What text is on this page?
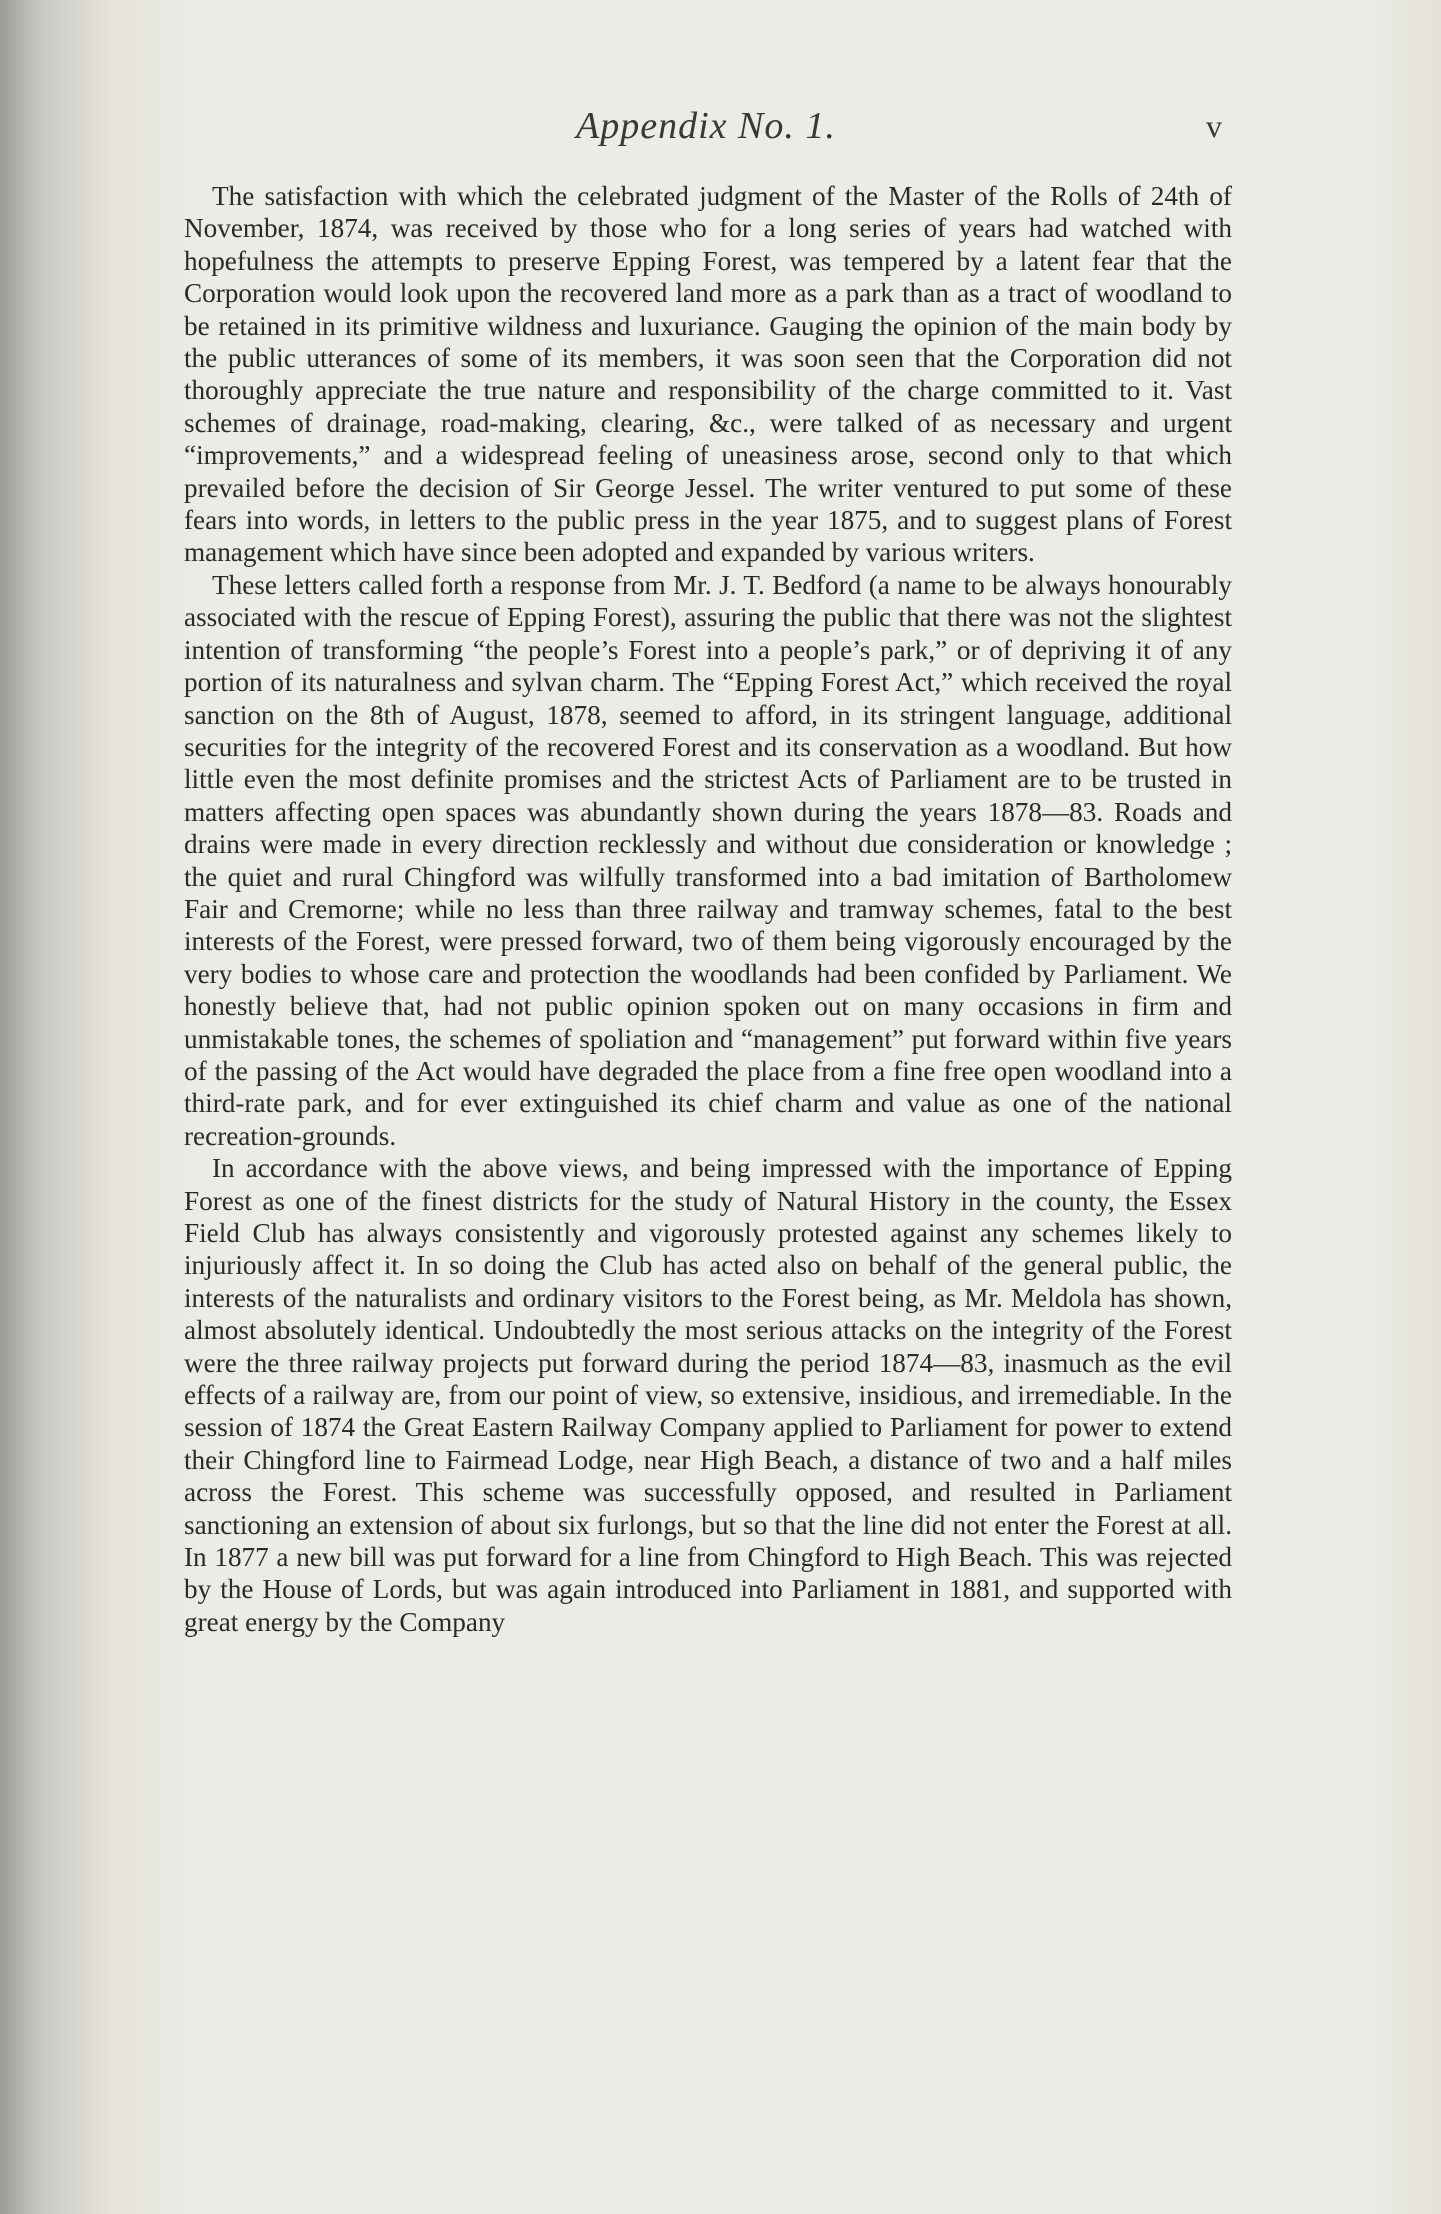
Appendix No. 1.	v

The satisfaction with which the celebrated judgment of the Master of the Rolls of 24th of November, 1874, was received by those who for a long series of years had watched with hopefulness the attempts to preserve Epping Forest, was tempered by a latent fear that the Corporation would look upon the recovered land more as a park than as a tract of woodland to be retained in its primitive wildness and luxuriance. Gauging the opinion of the main body by the public utterances of some of its members, it was soon seen that the Corporation did not thoroughly appreciate the true nature and responsibility of the charge committed to it. Vast schemes of drainage, road-making, clearing, &c., were talked of as necessary and urgent “improvements,” and a widespread feeling of uneasiness arose, second only to that which prevailed before the decision of Sir George Jessel. The writer ventured to put some of these fears into words, in letters to the public press in the year 1875, and to suggest plans of Forest management which have since been adopted and expanded by various writers.

These letters called forth a response from Mr. J. T. Bedford (a name to be always honourably associated with the rescue of Epping Forest), assuring the public that there was not the slightest intention of transforming “the people’s Forest into a people’s park,” or of depriving it of any portion of its naturalness and sylvan charm. The “Epping Forest Act,” which received the royal sanction on the 8th of August, 1878, seemed to afford, in its stringent language, additional securities for the integrity of the recovered Forest and its conservation as a woodland. But how little even the most definite promises and the strictest Acts of Parliament are to be trusted in matters affecting open spaces was abundantly shown during the years 1878—83. Roads and drains were made in every direction recklessly and without due consideration or knowledge ; the quiet and rural Chingford was wilfully transformed into a bad imitation of Bartholomew Fair and Cremorne; while no less than three railway and tramway schemes, fatal to the best interests of the Forest, were pressed forward, two of them being vigorously encouraged by the very bodies to whose care and protection the woodlands had been confided by Parliament. We honestly believe that, had not public opinion spoken out on many occasions in firm and unmistakable tones, the schemes of spoliation and “management” put forward within five years of the passing of the Act would have degraded the place from a fine free open woodland into a third-rate park, and for ever extinguished its chief charm and value as one of the national recreation-grounds.

In accordance with the above views, and being impressed with the importance of Epping Forest as one of the finest districts for the study of Natural History in the county, the Essex Field Club has always consistently and vigorously protested against any schemes likely to injuriously affect it. In so doing the Club has acted also on behalf of the general public, the interests of the naturalists and ordinary visitors to the Forest being, as Mr. Meldola has shown, almost absolutely identical. Undoubtedly the most serious attacks on the integrity of the Forest were the three railway projects put forward during the period 1874—83, inasmuch as the evil effects of a railway are, from our point of view, so extensive, insidious, and irremediable. In the session of 1874 the Great Eastern Railway Company applied to Parliament for power to extend their Chingford line to Fairmead Lodge, near High Beach, a distance of two and a half miles across the Forest. This scheme was successfully opposed, and resulted in Parliament sanctioning an extension of about six furlongs, but so that the line did not enter the Forest at all. In 1877 a new bill was put forward for a line from Chingford to High Beach. This was rejected by the House of Lords, but was again introduced into Parliament in 1881, and supported with great energy by the Company
